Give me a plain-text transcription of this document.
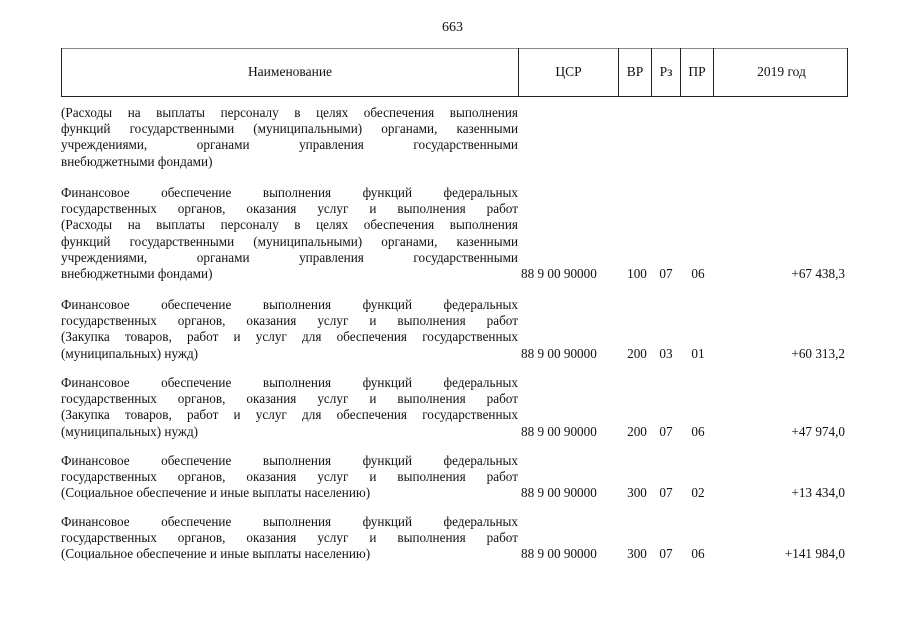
663
Наименование	ЦСР	ВР	Рз	ПР	2019 год
(Расходы на выплаты персоналу в целях обеспечения выполнения
функций государственными (муниципальными) органами, казенными
учреждениями, органами управления государственными
внебюджетными фондами)
Финансовое обеспечение выполнения функций федеральных
государственных органов, оказания услуг и выполнения работ
(Расходы на выплаты персоналу в целях обеспечения выполнения
функций государственными (муниципальными) органами, казенными
учреждениями, органами управления государственными
внебюджетными фондами)	88 9 00 90000	100 07	06	+67 438,3
Финансовое обеспечение выполнения функций федеральных
государственных органов, оказания услуг и выполнения работ
(Закупка товаров, работ и услуг для обеспечения государственных
(муниципальных) нужд)	88 9 00 90000	200 03	01	+60 313,2
Финансовое обеспечение выполнения функций федеральных
государственных органов, оказания услуг и выполнения работ
(Закупка товаров, работ и услуг для обеспечения государственных
(муниципальных) нужд)	88 9 00 90000	200 07	06	+47 974,0
Финансовое обеспечение выполнения функций федеральных
государственных органов, оказания услуг и выполнения работ
(Социальное обеспечение и иные выплаты населению)	88 9 00 90000	300 07	02	+13 434,0
Финансовое обеспечение выполнения функций федеральных
государственных органов, оказания услуг и выполнения работ
(Социальное обеспечение и иные выплаты населению)	88 9 00 90000	300 07	06	+141 984,0
